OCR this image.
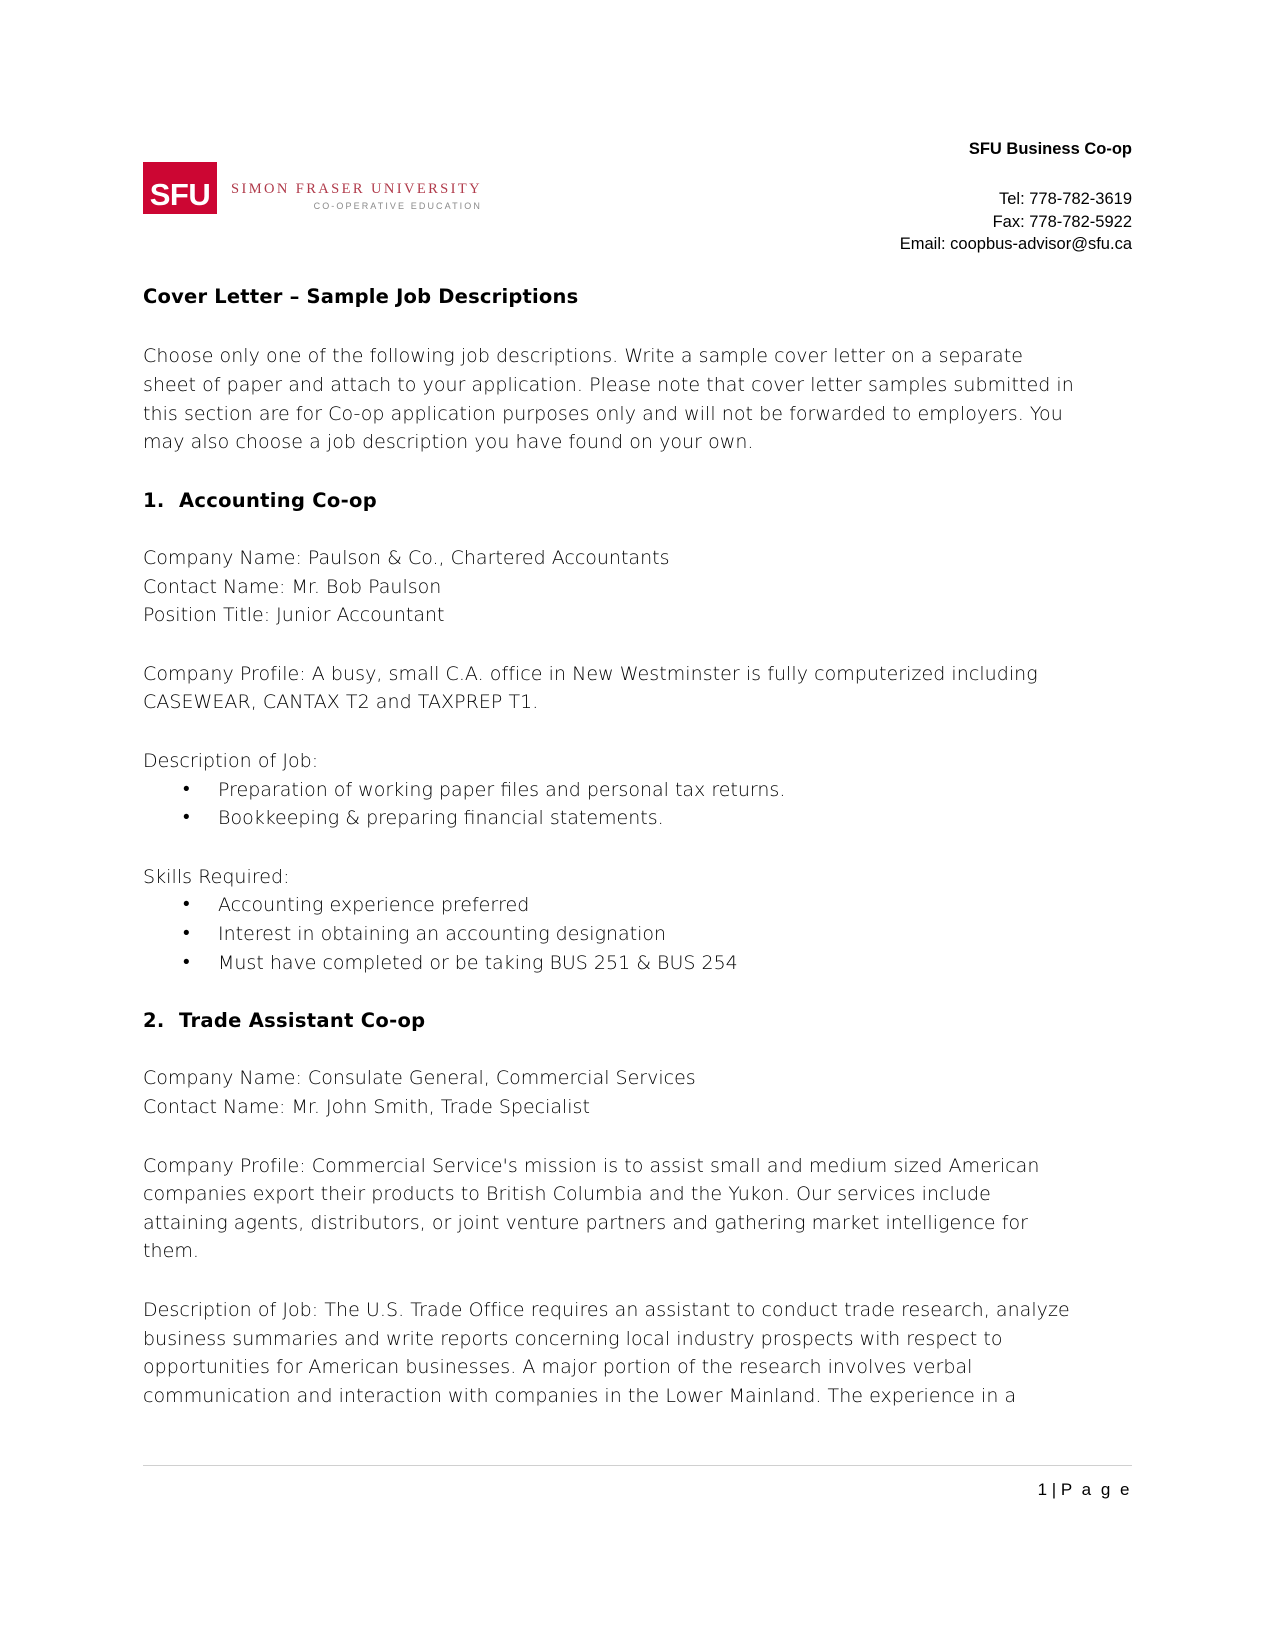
SFU SIMON FRASER UNIVERSITY
CO-OPERATIVE EDUCATION
SFU Business Co-op
Tel: 778-782-3619
Fax: 778-782-5922
Email: coopbus-advisor@sfu.ca
Cover Letter – Sample Job Descriptions

Choose only one of the following job descriptions. Write a sample cover letter on a separate sheet of paper and attach to your application. Please note that cover letter samples submitted in this section are for Co-op application purposes only and will not be forwarded to employers. You may also choose a job description you have found on your own.

1. Accounting Co-op
Company Name: Paulson & Co., Chartered Accountants
Contact Name: Mr. Bob Paulson
Position Title: Junior Accountant

Company Profile: A busy, small C.A. office in New Westminster is fully computerized including CASEWEAR, CANTAX T2 and TAXPREP T1.

Description of Job:

• Preparation of working paper files and personal tax returns.
• Bookkeeping & preparing financial statements.

Skills Required:

• Accounting experience preferred
• Interest in obtaining an accounting designation
• Must have completed or be taking BUS 251 & BUS 254
2. Trade Assistant Co-op
Company Name: Consulate General, Commercial Services
Contact Name: Mr. John Smith, Trade Specialist

Company Profile: Commercial Service's mission is to assist small and medium sized American companies export their products to British Columbia and the Yukon. Our services include attaining agents, distributors, or joint venture partners and gathering market intelligence for them.

Description of Job: The U.S. Trade Office requires an assistant to conduct trade research, analyze business summaries and write reports concerning local industry prospects with respect to opportunities for American businesses. A major portion of the research involves verbal communication and interaction with companies in the Lower Mainland. The experience in a

1 | P a g e
